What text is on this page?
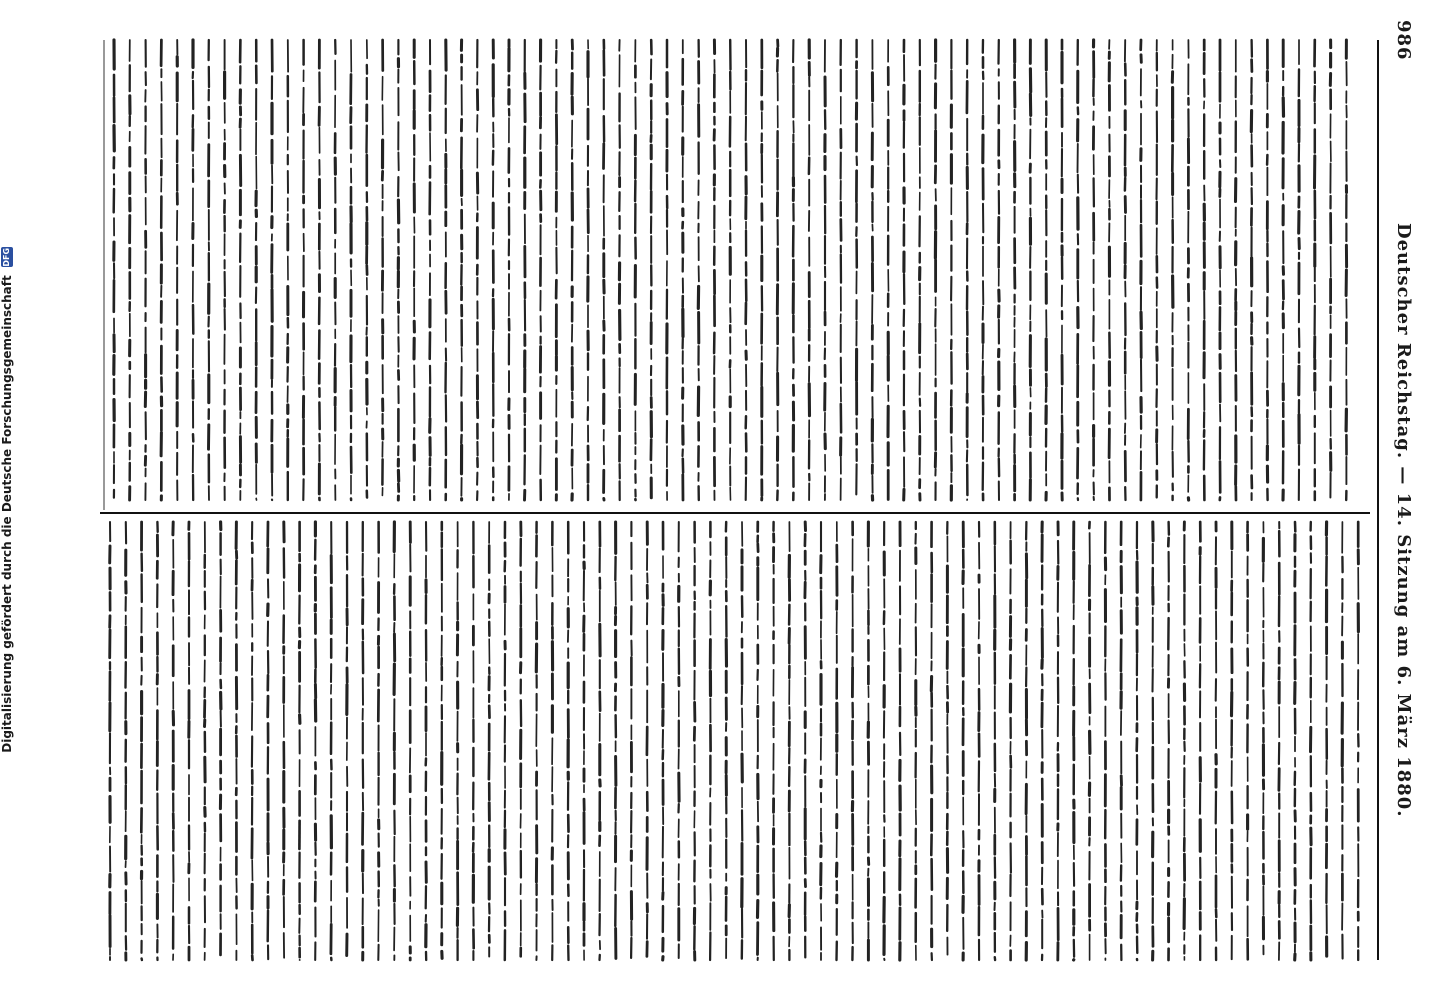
986
Deutscher Reichstag. — 14. Sitzung am 6. März 1880.
Digitalisierung gefördert durch die Deutsche Forschungsgemeinschaft
DFG
